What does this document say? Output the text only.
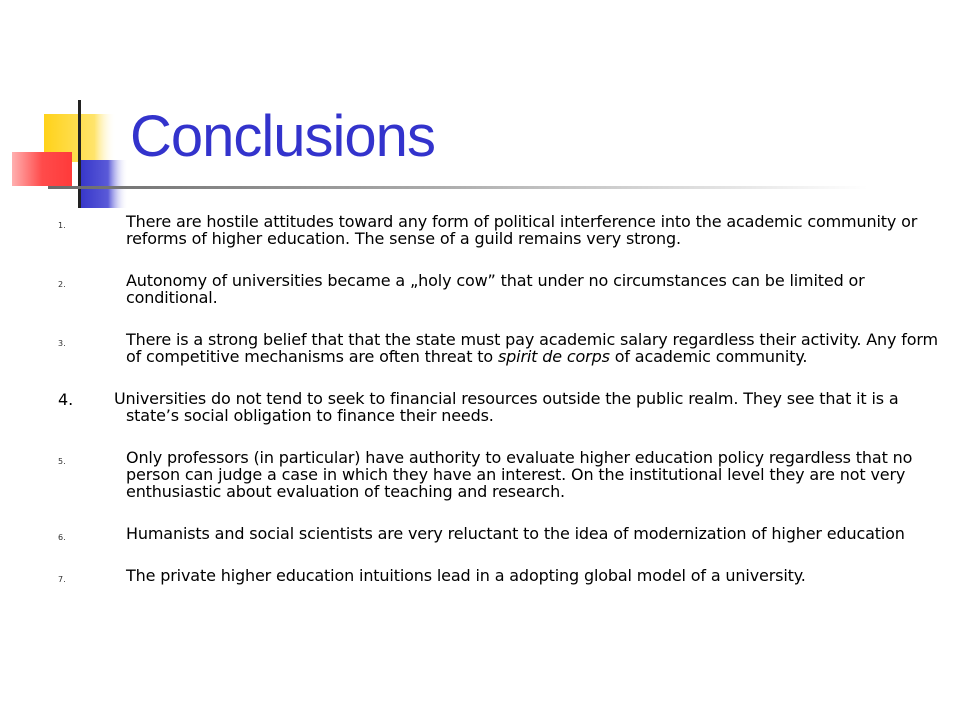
Conclusions
1.	There are hostile attitudes toward any form of political interference into the academic community or reforms of higher education. The sense of a guild remains very strong.
2.	Autonomy of universities became a „holy cow” that under no circumstances can be limited or conditional.
3.	There is a strong belief that that the state must pay academic salary regardless their activity. Any form of competitive mechanisms are often threat to spirit de corps of academic community.
4.	Universities do not tend to seek to financial resources outside the public realm. They see that it is a state’s social obligation to finance their needs.
5.	Only professors (in particular) have authority to evaluate higher education policy regardless that no person can judge a case in which they have an interest. On the institutional level they are not very enthusiastic about evaluation of teaching and research.
6.	Humanists and social scientists are very reluctant to the idea of modernization of higher education
7.	The private higher education intuitions lead in a adopting global model of a university.
